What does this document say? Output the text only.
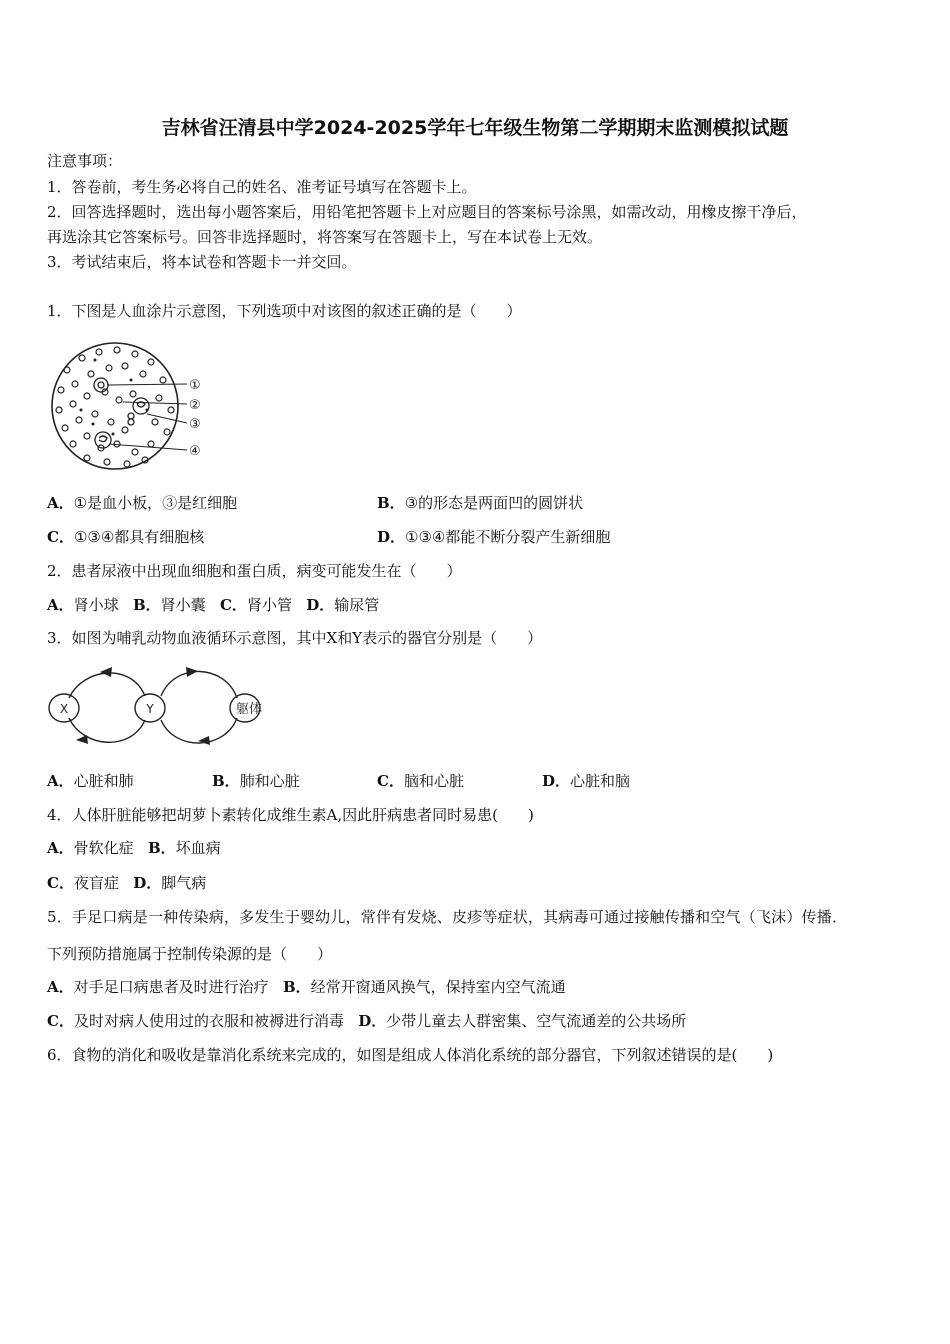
吉林省汪清县中学2024-2025学年七年级生物第二学期期末监测模拟试题
注意事项：
1．答卷前，考生务必将自己的姓名、准考证号填写在答题卡上。
2．回答选择题时，选出每小题答案后，用铅笔把答题卡上对应题目的答案标号涂黑，如需改动，用橡皮擦干净后，
再选涂其它答案标号。回答非选择题时，将答案写在答题卡上，写在本试卷上无效。
3．考试结束后，将本试卷和答题卡一并交回。
1．下图是人血涂片示意图，下列选项中对该图的叙述正确的是（　　）
①
②
③
④
A．①是血小板，③是红细胞	B．③的形态是两面凹的圆饼状
C．①③④都具有细胞核	D．①③④都能不断分裂产生新细胞
2．患者尿液中出现血细胞和蛋白质，病变可能发生在（　　）
A．肾小球 B．肾小囊 C．肾小管 D．输尿管
3．如图为哺乳动物血液循环示意图，其中X和Y表示的器官分别是（　　）
X	Y	躯体
A．心脏和肺	B．肺和心脏	C．脑和心脏	D．心脏和脑
4．人体肝脏能够把胡萝卜素转化成维生素A,因此肝病患者同时易患(　　)
A．骨软化症 B．坏血病
C．夜盲症 D．脚气病
5．手足口病是一种传染病，多发生于婴幼儿，常伴有发烧、皮疹等症状，其病毒可通过接触传播和空气（飞沫）传播．
下列预防措施属于控制传染源的是（　　）
A．对手足口病患者及时进行治疗 B．经常开窗通风换气，保持室内空气流通
C．及时对病人使用过的衣服和被褥进行消毒 D．少带儿童去人群密集、空气流通差的公共场所
6．食物的消化和吸收是靠消化系统来完成的，如图是组成人体消化系统的部分器官，下列叙述错误的是(　　)
